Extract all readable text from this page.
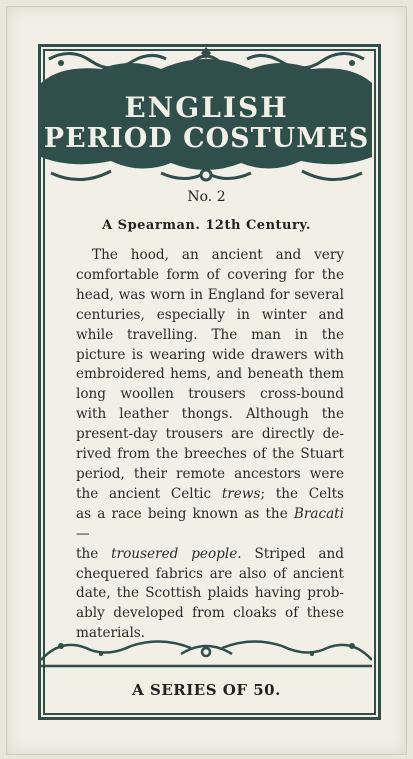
ENGLISH
PERIOD COSTUMES
No. 2
A Spearman. 12th Century.
The hood, an ancient and very
comfortable form of covering for the
head, was worn in England for several
centuries, especially in winter and
while travelling. The man in the
picture is wearing wide drawers with
embroidered hems, and beneath them
long woollen trousers cross-bound
with leather thongs. Although the
present-day trousers are directly de-
rived from the breeches of the Stuart
period, their remote ancestors were
the ancient Celtic trews; the Celts
as a race being known as the Bracati—
the trousered people. Striped and
chequered fabrics are also of ancient
date, the Scottish plaids having prob-
ably developed from cloaks of these
materials.
A SERIES OF 50.
